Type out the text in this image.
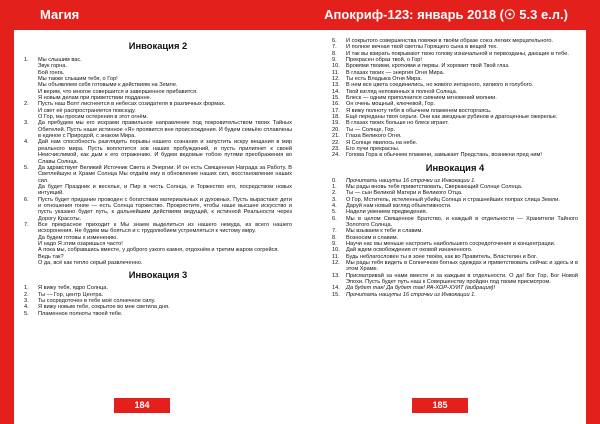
Магия
Инвокация 2
1.	Мы слышим вас.
Звук горна.
Бой гонга.
Мы также слышим тебя, о Гор!
Мы объявляем себя готовыми к действиям на Земле.
И верим, что многое совершится и завершенное прибавится.
Я новым делам при приветствии подданне.
2.	Пусть наш Волт лисгнеется в небесах созидателя в различных формах.
И свет её распространяется повсюду.
О Гор, мы просим остерения в этот огнём.
3.	Да пребудем мы его искрами правильное направление под покровительством твоих Тайных Обителей. Пусть наше истинное «Я» проявится вне происхождения. И будем семьёю сплавлены в единое с Природой, с знаком Мира.
4.	Дай нам способность разглядеть порывы нашего сознания и запустить искру вещания в мир реального мира. Пусть воплотится зов наших пробуждений, и пусть прилипнет к своей Неисчислимой, как дым к его отражению. И будем ведомые тобою путями преображения во Славы Солнца.
5.	Да здравствует Великий Источник Света и Энергии. И он есть Священная Награда за Работу. В Светлейшую и Храме Солнца Мы отдаём ему в обновление наших сил, восстановление наших сил.
Да будет Праздник и веселье, и Пир в честь Солнца, и Торжество его, посредством новых интуиций.
6.	Пусть будет придание проводен с богатствам материальных и духовных. Пусть вырастают дети и отношения гоняе — есть Солнца торжество. Прокрестите, чтобы наше высшее искусство и пусть указано будет путь, к дальнейшим действиям ведущий, к истинной Реальности через Дорогу Красоты.
7.	Все прекрасное приходит к Мы знаем выделиться из нашего немуда, из всего нашего исхоронения. Не будем мы бояться и с трудолюбием устремляться к чистому миру.
Да будем готовы к изменению.
И надо Я этим озаришься часто!
А пока мы, собравшись вместе, у доброго узкого камня, отдохнём и третим жаром согрейся.
Ведь так?
О да, всё как тепло серый развлеченно.
Инвокация 3
1.	Я вижу тебя, ядро Солнца.
2.	Ты — Гор, центр Центра.
3.	Ты сосредоточен в тебе моё солнечное силу.
4.	Я вижу новым тебе, сокрытое во мне светила дня.
5.	Пламенное полноты твоей тебе.
184
Апокриф-123: январь 2018 (☉ 5.3 е.л.)
6.	И сокрытого совершенства повяжи в твоём образе союз легких мерцательного.
7.	И полное вечная твой светлы Горящего сына в вещей тех.
8.	И так вы взирать покрывают твою голову изначальной и первозданы, дающие в тебе.
9.	Прекрасен образ твой, о Гор!
10.	Бровями твоими, кроткими и первы. И хоромит твой Твой глаз.
11.	В глазах твоих — энергия Огня Мира.
12.	Ты есть Владыка Огня Мира.
13.	В нем все цвета соединились, но живого интарного, хилиого и голубого.
14.	Твой взгляд неповинных в полной Солнца.
15.	Блеск — одним приполнился сиянием мгновений молнии.
16.	Он очень мощный, ключевой, Гор.
17.	Я вижу полноту тебя в обычнем пламенем восторгаясь.
18.	Ещё переданы твоя серьги. Они как звездные рубинов и драгоценные ожерелье.
19.	В глазах твоих больше но блеск играет.
20.	Ты — Солнце, Гор.
21.	Глаза Великого Огня.
22.	Я Солнце явилось на небе.
23.	Его лучи прекрасны.
24.	Голова Гора в обычнем пламени, замыкает Предстань, возникни пред ним!
Инвокация 4
0.	Прочитать нашуты 16 строчки из Инвокации 1.
1.	Мы рады вновь тебя приветствовать, Сверкающий Солнце Солнца.
2.	Ты — сын Великой Матери и Великого Отца.
3.	О Гор, Мститель, истеленный убийц Солнца и страшнейших попрах слица Земли.
4.	Даруй нам новый взгляд объективности.
5.	Надели умением предведения.
6.	Мы в целом Священное Братство, и каждый в отдельности — Хранители Тайного Золотого Солнца.
7.	Мы взываем к тебе и славим.
8.	Возносим и славим.
9.	Научи нас мы меньше настроить наибольшего сосредоточения и концентрации.
10.	Дай ждем освобождения от оковой изначенного.
11.	Будь неблагословен ты в зоне твоём, как во Правитель, Властелин и Бог.
12.	Мы рады тебя видеть в Солнечном богных одеждах и приветствовать сейчас и здесь и в этом Храме.
13.	Присматривай за нами вместе и за каждым в отдельности. О да! Бог Гор, Бог Новой Эпохи. Пусть будет путь наш к Совершенству пройден под твоим присмотром.
14.	Да будет так! Да будет так! РА-ХОР-ХУИТ (вибрация)!
15.	Прочитать нашуты 16 строчки из Инвокации 1.
185
